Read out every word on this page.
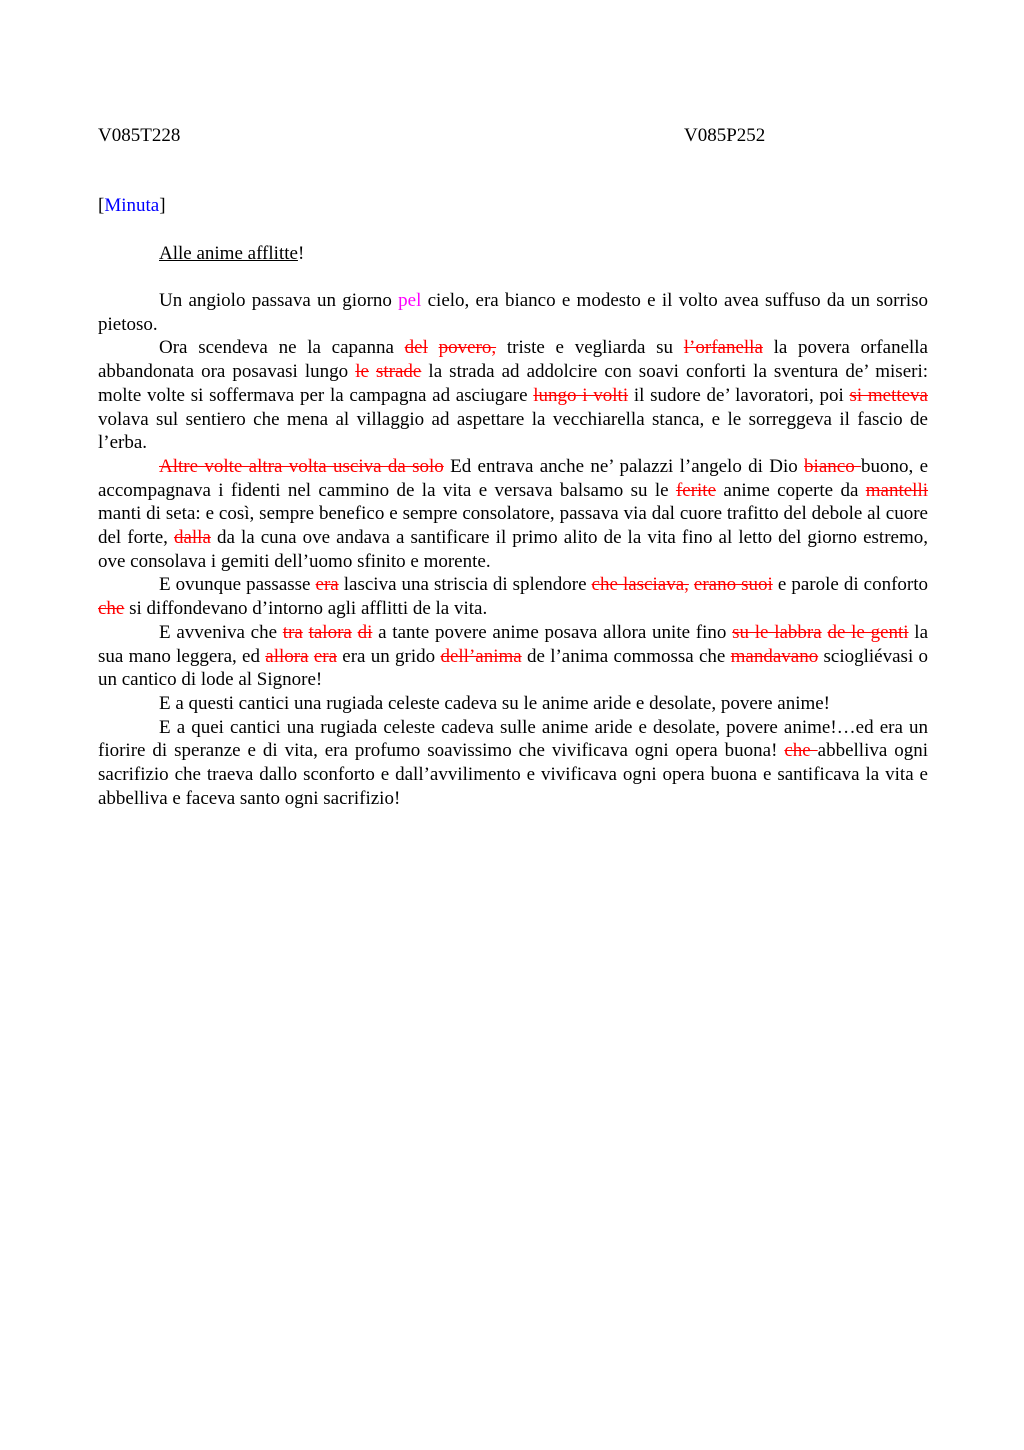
V085T228	V085P252
[Minuta]
Alle anime afflitte!

Un angiolo passava un giorno pel cielo, era bianco e modesto e il volto avea suffuso da un sorriso pietoso.

Ora scendeva ne la capanna del povero, triste e vegliarda su l’orfanella la povera orfanella abbandonata ora posavasi lungo le strade la strada ad addolcire con soavi conforti la sventura de’ miseri: molte volte si soffermava per la campagna ad asciugare lungo i volti il sudore de’ lavoratori, poi si metteva volava sul sentiero che mena al villaggio ad aspettare la vecchiarella stanca, e le sorreggeva il fascio de l’erba.

Altre volte altra volta usciva da solo Ed entrava anche ne’ palazzi l’angelo di Dio bianco buono, e accompagnava i fidenti nel cammino de la vita e versava balsamo su le ferite anime coperte da mantelli manti di seta: e così, sempre benefico e sempre consolatore, passava via dal cuore trafitto del debole al cuore del forte, dalla da la cuna ove andava a santificare il primo alito de la vita fino al letto del giorno estremo, ove consolava i gemiti dell’uomo sfinito e morente.

E ovunque passasse era lasciva una striscia di splendore che lasciava, erano suoi e parole di conforto che si diffondevano d’intorno agli afflitti de la vita.

E avveniva che tra talora di a tante povere anime posava allora unite fino su le labbra de le genti la sua mano leggera, ed allora era era un grido dell’anima de l’anima commossa che mandavano sciogliévasi o un cantico di lode al Signore!

E a questi cantici una rugiada celeste cadeva su le anime aride e desolate, povere anime!

E a quei cantici una rugiada celeste cadeva sulle anime aride e desolate, povere anime!…ed era un fiorire di speranze e di vita, era profumo soavissimo che vivificava ogni opera buona! che abbelliva ogni sacrifizio che traeva dallo sconforto e dall’avvilimento e vivificava ogni opera buona e santificava la vita e abbelliva e faceva santo ogni sacrifizio!
